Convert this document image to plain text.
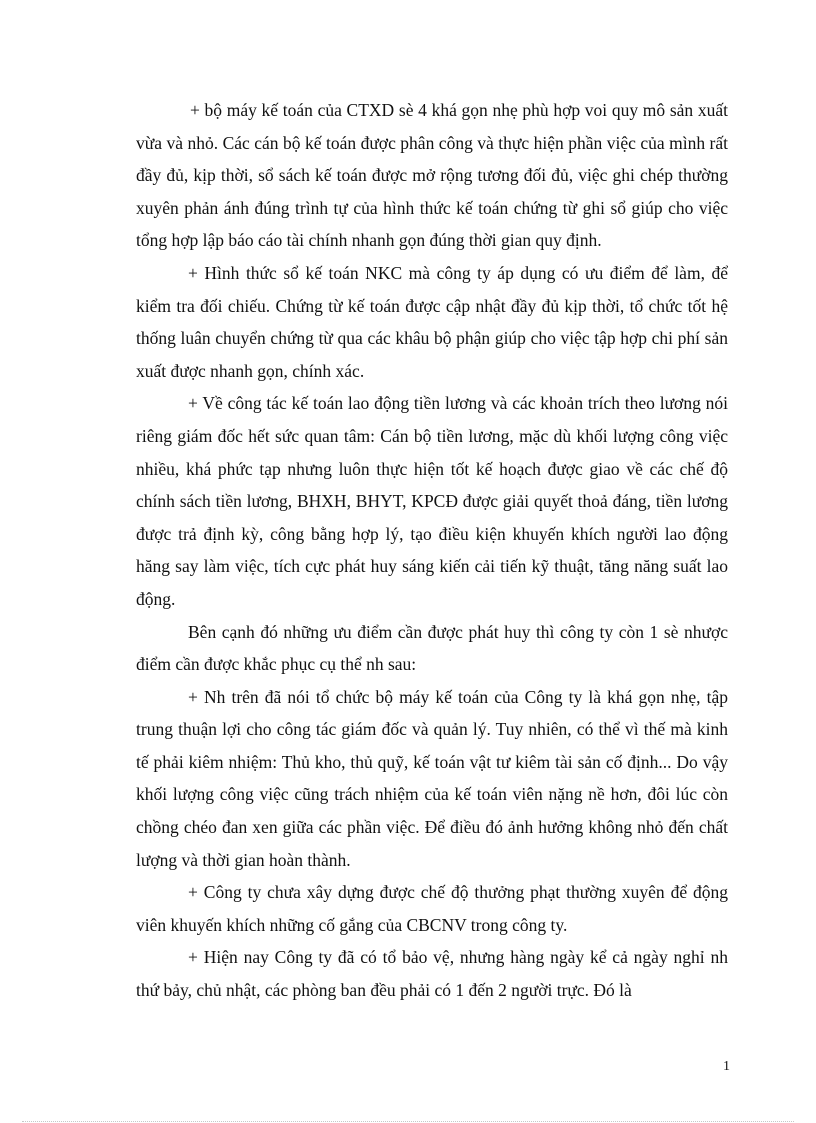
+ bộ máy kế toán của CTXD sè 4 khá gọn nhẹ phù hợp voi quy mô sản xuất vừa và nhỏ. Các cán bộ kế toán được phân công và thực hiện phần việc của mình rất đầy đủ, kịp thời, sổ sách kế toán được mở rộng tương đối đủ, việc ghi chép thường xuyên phản ánh đúng trình tự của hình thức kế toán chứng từ ghi sổ giúp cho việc tổng hợp lập báo cáo tài chính nhanh gọn đúng thời gian quy định.

+ Hình thức sổ kế toán NKC mà công ty áp dụng có ưu điểm để làm, để kiểm tra đối chiếu. Chứng từ kế toán được cập nhật đầy đủ kịp thời, tổ chức tốt hệ thống luân chuyển chứng từ qua các khâu bộ phận giúp cho việc tập hợp chi phí sản xuất được nhanh gọn, chính xác.

+ Về công tác kế toán lao động tiền lương và các khoản trích theo lương nói riêng giám đốc hết sức quan tâm: Cán bộ tiền lương, mặc dù khối lượng công việc nhiều, khá phức tạp nhưng luôn thực hiện tốt kế hoạch được giao về các chế độ chính sách tiền lương, BHXH, BHYT, KPCĐ được giải quyết thoả đáng, tiền lương được trả định kỳ, công bằng hợp lý, tạo điều kiện khuyến khích người lao động hăng say làm việc, tích cực phát huy sáng kiến cải tiến kỹ thuật, tăng năng suất lao động.

Bên cạnh đó những ưu điểm cần được phát huy thì công ty còn 1 sè nhược điểm cần được khắc phục cụ thể nh sau:

+ Nh trên đã nói tổ chức bộ máy kế toán của Công ty là khá gọn nhẹ, tập trung thuận lợi cho công tác giám đốc và quản lý. Tuy nhiên, có thể vì thế mà kinh tế phải kiêm nhiệm: Thủ kho, thủ quỹ, kế toán vật tư kiêm tài sản cố định... Do vậy khối lượng công việc cũng trách nhiệm của kế toán viên nặng nề hơn, đôi lúc còn chồng chéo đan xen giữa các phần việc. Để điều đó ảnh hưởng không nhỏ đến chất lượng và thời gian hoàn thành.

+ Công ty chưa xây dựng được chế độ thưởng phạt thường xuyên để động viên khuyến khích những cố gắng của CBCNV trong công ty.

+ Hiện nay Công ty đã có tổ bảo vệ, nhưng hàng ngày kể cả ngày nghỉ nh thứ bảy, chủ nhật, các phòng ban đều phải có 1 đến 2 người trực. Đó là

1
